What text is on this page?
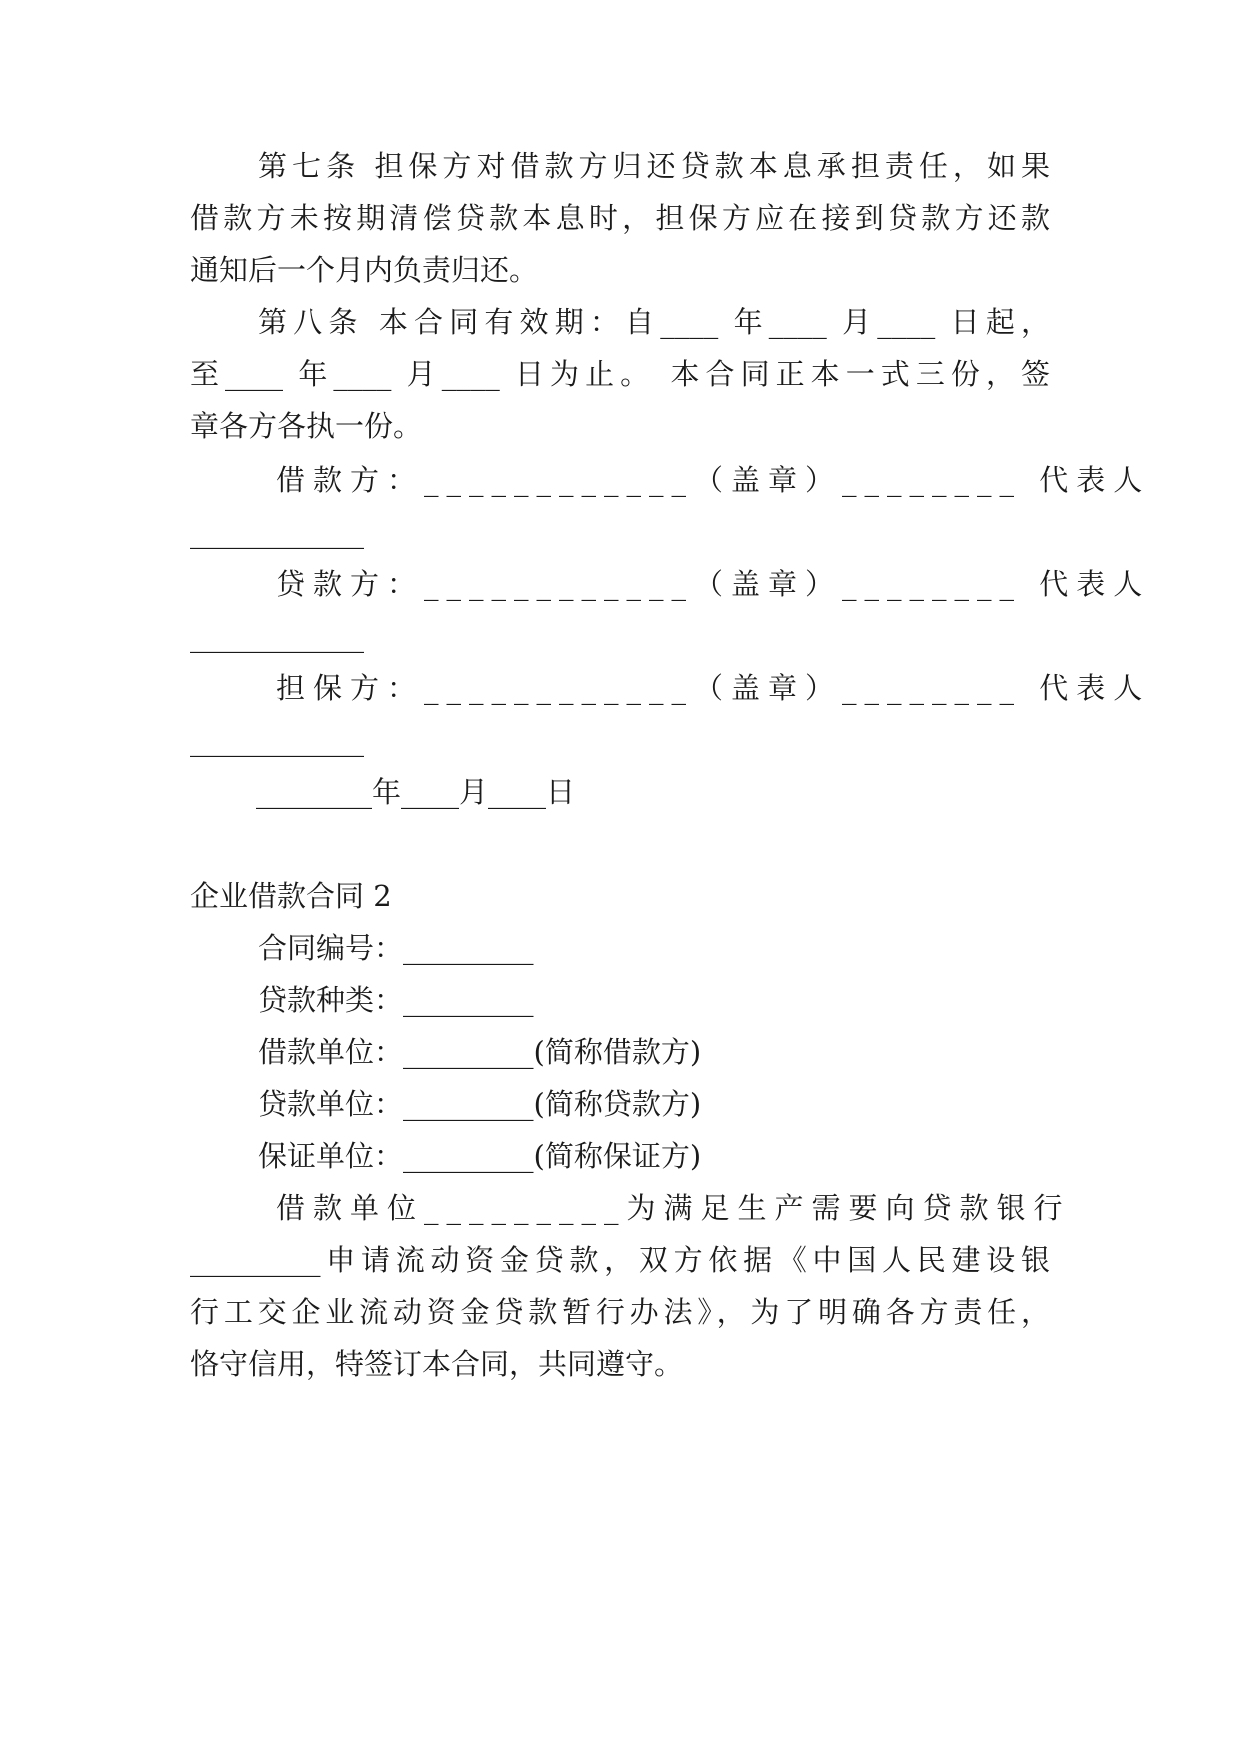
第七条 担保方对借款方归还贷款本息承担责任，如果
借款方未按期清偿贷款本息时，担保方应在接到贷款方还款
通知后一个月内负责归还。
第八条 本合同有效期：自____ 年____ 月____ 日起，
至____ 年____ 月____ 日为止。 本合同正本一式三份，签
章各方各执一份。
借款方：____________（盖章）________ 代表人
____________
贷款方：____________（盖章）________ 代表人
____________
担保方：____________（盖章）________ 代表人
____________
________年____月____日
企业借款合同 2
合同编号：_________
贷款种类：_________
借款单位：_________(简称借款方)
贷款单位：_________(简称贷款方)
保证单位：_________(简称保证方)
借款单位_________为满足生产需要向贷款银行
_________申请流动资金贷款，双方依据《中国人民建设银
行工交企业流动资金贷款暂行办法》，为了明确各方责任，
恪守信用，特签订本合同，共同遵守。
